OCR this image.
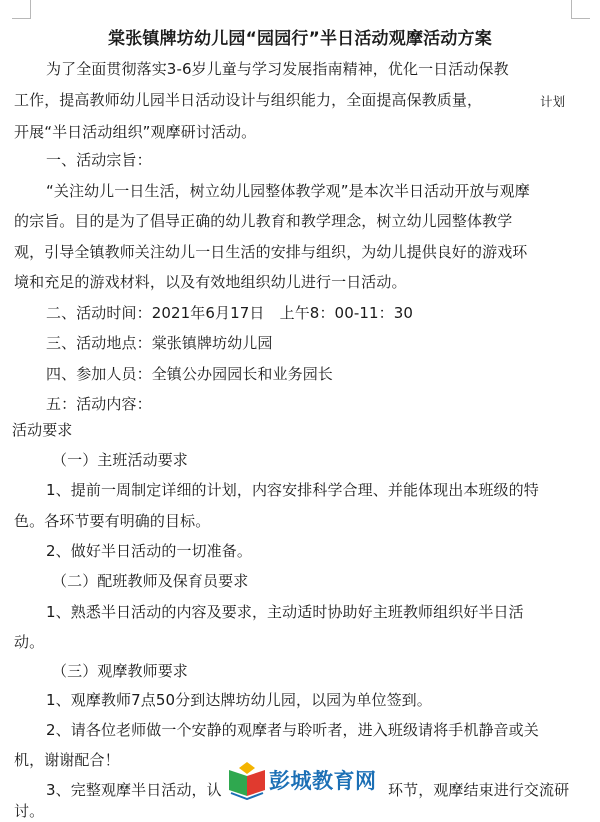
棠张镇牌坊幼儿园“园园行”半日活动观摩活动方案
为了全面贯彻落实3-6岁儿童与学习发展指南精神，优化一日活动保教
工作，提高教师幼儿园半日活动设计与组织能力，全面提高保教质量，	计划
开展“半日活动组织”观摩研讨活动。
一、活动宗旨：
“关注幼儿一日生活，树立幼儿园整体教学观”是本次半日活动开放与观摩
的宗旨。目的是为了倡导正确的幼儿教育和教学理念，树立幼儿园整体教学
观，引导全镇教师关注幼儿一日生活的安排与组织，为幼儿提供良好的游戏环
境和充足的游戏材料，以及有效地组织幼儿进行一日活动。
二、活动时间：2021年6月17日　上午8：00-11：30
三、活动地点：棠张镇牌坊幼儿园
四、参加人员：全镇公办园园长和业务园长
五：活动内容：
活动要求
（一）主班活动要求
1、提前一周制定详细的计划，内容安排科学合理、并能体现出本班级的特
色。各环节要有明确的目标。
2、做好半日活动的一切准备。
（二）配班教师及保育员要求
1、熟悉半日活动的内容及要求，主动适时协助好主班教师组织好半日活
动。
（三）观摩教师要求
1、观摩教师7点50分到达牌坊幼儿园，以园为单位签到。
2、请各位老师做一个安静的观摩者与聆听者，进入班级请将手机静音或关
机，谢谢配合！
3、完整观摩半日活动，认	环节，观摩结束进行交流研
讨。
彭城教育网
